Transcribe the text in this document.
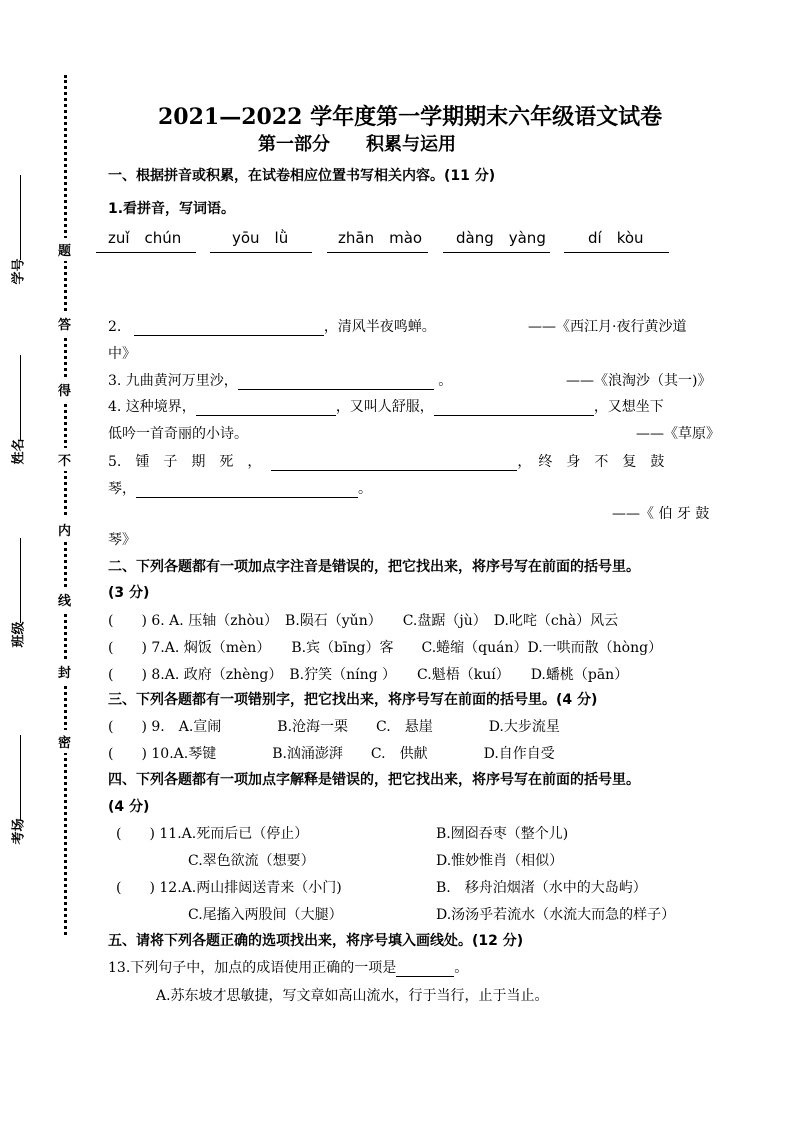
题
答
得
不
内
线
封
密
学号
姓名
班级
考场
2021—2022 学年度第一学期期末六年级语文试卷
第一部分　　积累与运用
一、根据拼音或积累，在试卷相应位置书写相关内容。(11 分)
1.看拼音，写词语。
zuǐ　chún	yōu　lǜ	zhān　mào dàng　yàng	dí　kòu
2.	，清风半夜鸣蝉。	——《西江月·夜行黄沙道
中》
3. 九曲黄河万里沙，	。	——《浪淘沙（其一)》
4. 这种境界，	，又叫人舒服，	，又想坐下
低吟一首奇丽的小诗。	——《草原》
5.　锺　子　期　死　，	，　终　身　不　复　鼓
琴，	。
——《 伯 牙 鼓
琴》
二、下列各题都有一项加点字注音是错误的，把它找出来，将序号写在前面的括号里。
(3 分)
(　　) 6. A. 压轴（zhòu）　B.陨石（yǔn）　　C.盘踞（jù）　D.叱咤（chà）风云
(　　) 7.A. 焖饭（mèn）　　B.宾（bīng）客　　C.蜷缩（quán）D.一哄而散（hòng）
(　　) 8.A. 政府（zhèng）　B.狞笑（níng ）　　C.魁梧（kuí）　　D.蟠桃（pān）
三、下列各题都有一项错别字，把它找出来，将序号写在前面的括号里。(4 分)
(　　) 9.　A.宣闹　　　　B.沧海一栗　　C.　悬崖　　　　D.大步流星
(　　) 10.A.琴键　　　　B.汹涌澎湃　　C.　供献　　　　D.自作自受
四、下列各题都有一项加点字解释是错误的，把它找出来，将序号写在前面的括号里。
(4 分)
(　　) 11.A.死而后已（停止）	B.囫囵吞枣（整个儿)
C.翠色欲流（想要）	D.惟妙惟肖（相似）
(　　) 12.A.两山排闼送青来（小门)	B.　移舟泊烟渚（水中的大岛屿）
C.尾搐入两股间（大腿）	D.汤汤乎若流水（水流大而急的样子）
五、请将下列各题正确的选项找出来，将序号填入画线处。(12 分)
13.下列句子中，加点的成语使用正确的一项是	。
A.苏东坡才思敏捷，写文章如高山流水，行于当行，止于当止。
